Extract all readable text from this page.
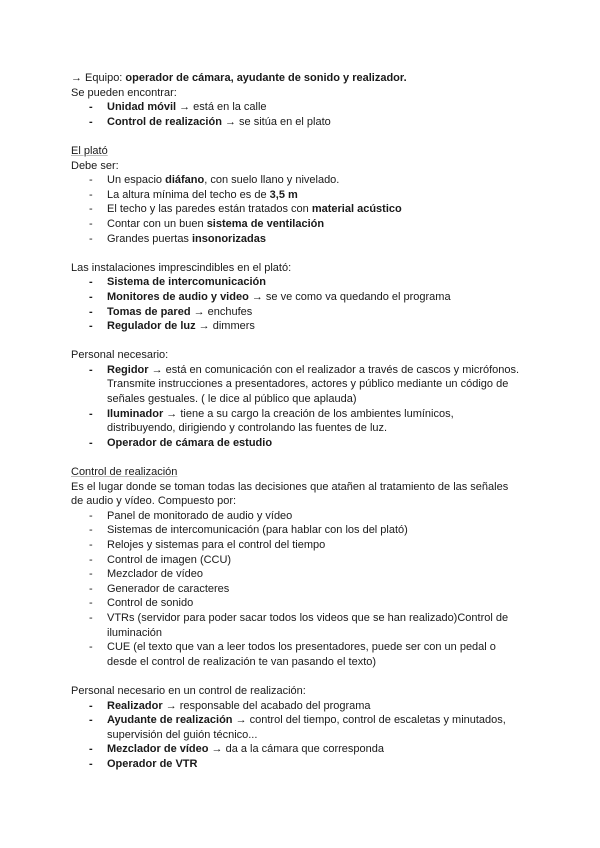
→ Equipo: operador de cámara, ayudante de sonido y realizador.

Se pueden encontrar:

- Unidad móvil → está en la calle
- Control de realización → se sitúa en el plato

El plató

Debe ser:

- Un espacio diáfano, con suelo llano y nivelado.
- La altura mínima del techo es de 3,5 m
- El techo y las paredes están tratados con material acústico
- Contar con un buen sistema de ventilación
- Grandes puertas insonorizadas

Las instalaciones imprescindibles en el plató:

- Sistema de intercomunicación
- Monitores de audio y video → se ve como va quedando el programa
- Tomas de pared → enchufes
- Regulador de luz → dimmers

Personal necesario:

- Regidor → está en comunicación con el realizador a través de cascos y micrófonos.
Transmite instrucciones a presentadores, actores y público mediante un código de
señales gestuales. ( le dice al público que aplauda)
- Iluminador → tiene a su cargo la creación de los ambientes lumínicos,
distribuyendo, dirigiendo y controlando las fuentes de luz.
- Operador de cámara de estudio

Control de realización

Es el lugar donde se toman todas las decisiones que atañen al tratamiento de las señales
de audio y vídeo. Compuesto por:

- Panel de monitorado de audio y vídeo
- Sistemas de intercomunicación (para hablar con los del plató)
- Relojes y sistemas para el control del tiempo
- Control de imagen (CCU)
- Mezclador de vídeo
- Generador de caracteres
- Control de sonido
- VTRs (servidor para poder sacar todos los videos que se han realizado)Control de
iluminación
- CUE (el texto que van a leer todos los presentadores, puede ser con un pedal o
desde el control de realización te van pasando el texto)

Personal necesario en un control de realización:

- Realizador → responsable del acabado del programa
- Ayudante de realización → control del tiempo, control de escaletas y minutados,
supervisión del guión técnico...
- Mezclador de vídeo → da a la cámara que corresponda
- Operador de VTR
